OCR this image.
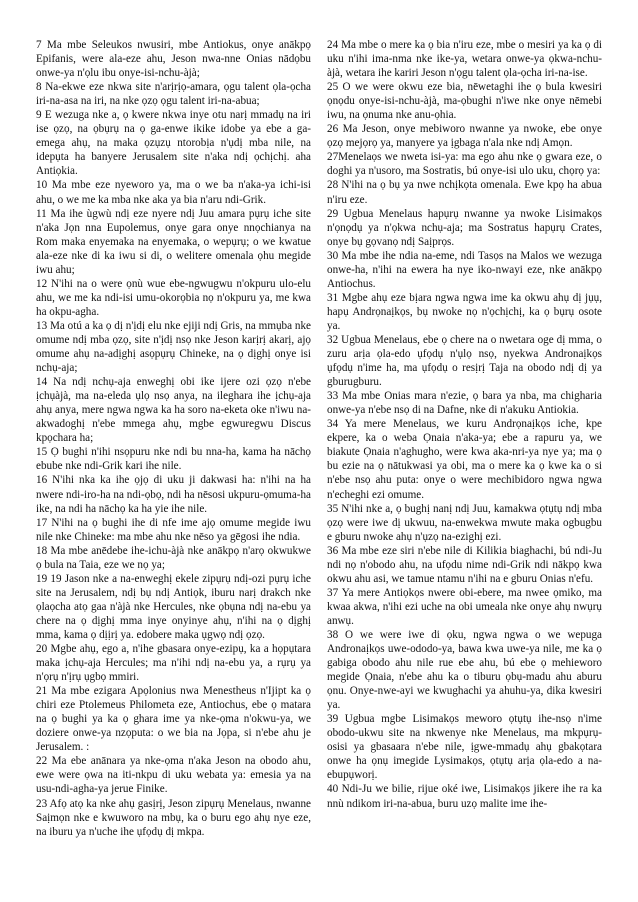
7 Ma mbe Seleukos nwusiri, mbe Antiokus, onye anākpọ Epifanis, were ala-eze ahu, Jeson nwa-nne Onias nādọbu onwe-ya n'ọlu ibu onye-isi-nchu-àjà;

8 Na-ekwe eze nkwa site n'arịrịọ-amara, ọgu talent ọla-ọcha iri-na-asa na iri, na nke ọzọ ọgu talent iri-na-abua;

9 E wezuga nke a, ọ kwere nkwa inye otu narị mmadụ na iri ise ọzọ, na ọbụrụ na ọ ga-enwe ikike idobe ya ebe a ga-emega ahụ, na maka ọzụzụ ntorobịa n'ụdị mba nile, na idepụta ha banyere Jerusalem site n'aka ndị ọchịchị. aha Antiọkia.

10 Ma mbe eze nyeworo ya, ma o we ba n'aka-ya ichi-isi ahu, o we me ka mba nke aka ya bia n'aru ndi-Grik.

11 Ma ihe ùgwù ndị eze nyere ndị Juu amara pụrụ iche site n'aka Jọn nna Eupolemus, onye gara onye nnọchianya na Rom maka enyemaka na enyemaka, o wepụrụ; o we kwatue ala-eze nke di ka iwu si di, o welitere omenala ọhu megide iwu ahu;

12 N'ihi na o were ọnù wue ebe-ngwugwu n'okpuru ulo-elu ahu, we me ka ndi-isi umu-okorọbia nọ n'okpuru ya, me kwa ha okpu-agha.

13 Ma otú a ka ọ dị n'ịdị elu nke ejiji ndị Gris, na mmụba nke omume ndị mba ọzọ, site n'ịdị nsọ nke Jeson karịrị akarị, ajọ omume ahụ na-adịghị asọpụrụ Chineke, na ọ dịghị onye isi nchụ-aja;

14 Na ndị nchụ-aja enweghị obi ike ijere ozi ọzọ n'ebe ịchụàjà, ma na-eleda ụlọ nsọ anya, na ileghara ihe ịchụ-aja ahụ anya, mere ngwa ngwa ka ha soro na-eketa oke n'iwu na-akwadoghị n'ebe mmega ahụ, mgbe egwuregwu Discus kpọchara ha;

15 Ọ bughi n'ihi nsọpuru nke ndi bu nna-ha, kama ha nāchọ ebube nke ndi-Grik kari ihe nile.

16 N'ihi nka ka ihe ọjọ di uku ji dakwasi ha: n'ihi na ha nwere ndi-iro-ha na ndi-ọbọ, ndi ha nēsosi ukpuru-ọmuma-ha ike, na ndi ha nāchọ ka ha yie ihe nile.

17 N'ihi na ọ bughi ihe di nfe ime ajọ omume megide iwu nile nke Chineke: ma mbe ahu nke nēso ya gēgosi ihe ndia.

18 Ma mbe anēdebe ihe-ichu-àjà nke anākpọ n'arọ okwukwe ọ bula na Taia, eze we nọ ya;

19 19 Jason nke a na-enweghị ekele zipụrụ ndị-ozi pụrụ iche site na Jerusalem, ndị bụ ndị Antiọk, iburu narị drakch nke ọlaọcha atọ gaa n'àjà nke Hercules, nke ọbụna ndị na-ebu ya chere na ọ dịghị mma inye onyinye ahụ, n'ihi na ọ dịghị mma, kama ọ dịịrị ya. edobere maka ụgwọ ndị ọzọ.

20 Mgbe ahụ, ego a, n'ihe gbasara onye-ezipụ, ka a họpụtara maka ịchụ-aja Hercules; ma n'ihi ndị na-ebu ya, a rụrụ ya n'ọrụ n'ịrụ ụgbọ mmiri.

21 Ma mbe ezigara Apọlonius nwa Menestheus n'Ijipt ka ọ chiri eze Ptolemeus Philometa eze, Antiochus, ebe ọ matara na ọ bughi ya ka ọ ghara ime ya nke-ọma n'okwu-ya, we doziere onwe-ya nzọputa: o we bia na Jọpa, si n'ebe ahu je Jerusalem. :

22 Ma ebe anānara ya nke-ọma n'aka Jeson na obodo ahu, ewe were ọwa na iti-nkpu di uku webata ya: emesia ya na usu-ndi-agha-ya jerue Finike.

23 Afọ atọ ka nke ahụ gasịrị, Jeson zipụrụ Menelaus, nwanne Saịmọn nke e kwuworo na mbụ, ka o buru ego ahụ nye eze, na iburu ya n'uche ihe ụfọdụ dị mkpa.

24 Ma mbe o mere ka ọ bia n'iru eze, mbe o mesiri ya ka ọ di uku n'ihi ima-nma nke ike-ya, wetara onwe-ya ọkwa-nchu-àjà, wetara ihe kariri Jeson n'ọgu talent ọla-ọcha iri-na-ise.

25 O we were okwu eze bia, nēwetaghi ihe ọ bula kwesiri ọnọdu onye-isi-nchu-àjà, ma-ọbughi n'iwe nke onye nēmebi iwu, na ọnuma nke anu-ọhia.

26 Ma Jeson, onye mebiworo nwanne ya nwoke, ebe onye ọzọ mejọrọ ya, manyere ya ịgbaga n'ala nke ndị Amọn.

27Menelaọs we nweta isi-ya: ma ego ahu nke ọ gwara eze, o doghi ya n'usoro, ma Sostratis, bú onye-isi ulo uku, chọrọ ya:

28 N'ihi na ọ bụ ya nwe nchịkọta omenala. Ewe kpọ ha abua n'iru eze.

29 Ugbua Menelaus hapụrụ nwanne ya nwoke Lisimakọs n'ọnọdụ ya n'ọkwa nchụ-aja; ma Sostratus hapụrụ Crates, onye bụ gọvanọ ndị Saịprọs.

30 Ma mbe ihe ndia na-eme, ndi Tasọs na Malos we wezuga onwe-ha, n'ihi na ewera ha nye iko-nwayi eze, nke anākpọ Antiochus.

31 Mgbe ahụ eze bịara ngwa ngwa ime ka okwu ahụ dị jụụ, hapụ Andrọnaịkọs, bụ nwoke nọ n'ọchịchị, ka ọ bụrụ osote ya.

32 Ugbua Menelaus, ebe ọ chere na o nwetara oge dị mma, o zuru arịa ọla-edo ụfọdụ n'ụlọ nsọ, nyekwa Andronaịkọs ụfọdụ n'ime ha, ma ụfọdụ o resịrị Taja na obodo ndị dị ya gburugburu.

33 Ma mbe Onias mara n'ezie, ọ bara ya nba, ma chigharia onwe-ya n'ebe nsọ di na Dafne, nke di n'akuku Antiokia.

34 Ya mere Menelaus, we kuru Andrọnaịkọs iche, kpe ekpere, ka o weba Ọnaia n'aka-ya; ebe a rapuru ya, we biakute Ọnaia n'aghugho, were kwa aka-nri-ya nye ya; ma ọ bu ezie na ọ nātukwasi ya obi, ma o mere ka ọ kwe ka o si n'ebe nsọ ahu puta: onye o were mechibidoro ngwa ngwa n'echeghi ezi omume.

35 N'ihi nke a, ọ bughị nanị ndị Juu, kamakwa ọtụtụ ndị mba ọzọ were iwe dị ukwuu, na-enwekwa mwute maka ogbugbu e gburu nwoke ahụ n'ụzọ na-ezighị ezi.

36 Ma mbe eze siri n'ebe nile di Kilikia biaghachi, bú ndi-Ju ndi nọ n'obodo ahu, na ufọdu nime ndi-Grik ndi nākpọ kwa okwu ahu asi, we tamue ntamu n'ihi na e gburu Onias n'efu.

37 Ya mere Antiọkọs nwere obi-ebere, ma nwee ọmiko, ma kwaa akwa, n'ihi ezi uche na obi umeala nke onye ahụ nwụrụ anwụ.

38 O we were iwe di ọku, ngwa ngwa o we wepuga Andronaịkọs uwe-ododo-ya, bawa kwa uwe-ya nile, me ka ọ gabiga obodo ahu nile rue ebe ahu, bú ebe ọ mehieworo megide Ọnaia, n'ebe ahu ka o tiburu ọbụ-madu ahu aburu ọnu. Onye-nwe-ayi we kwughachi ya ahuhu-ya, dika kwesiri ya.

39 Ugbua mgbe Lisimakọs meworo ọtụtụ ihe-nsọ n'ime obodo-ukwu site na nkwenye nke Menelaus, ma mkpụrụ-osisi ya gbasaara n'ebe nile, ịgwe-mmadụ ahụ gbakọtara onwe ha ọnụ imegide Lysimakọs, ọtụtụ arịa ọla-edo a na-ebupụworị.

40 Ndi-Ju we bilie, rijue oké iwe, Lisimakọs jikere ihe ra ka nnù ndikom iri-na-abua, buru uzọ malite ime ihe-
